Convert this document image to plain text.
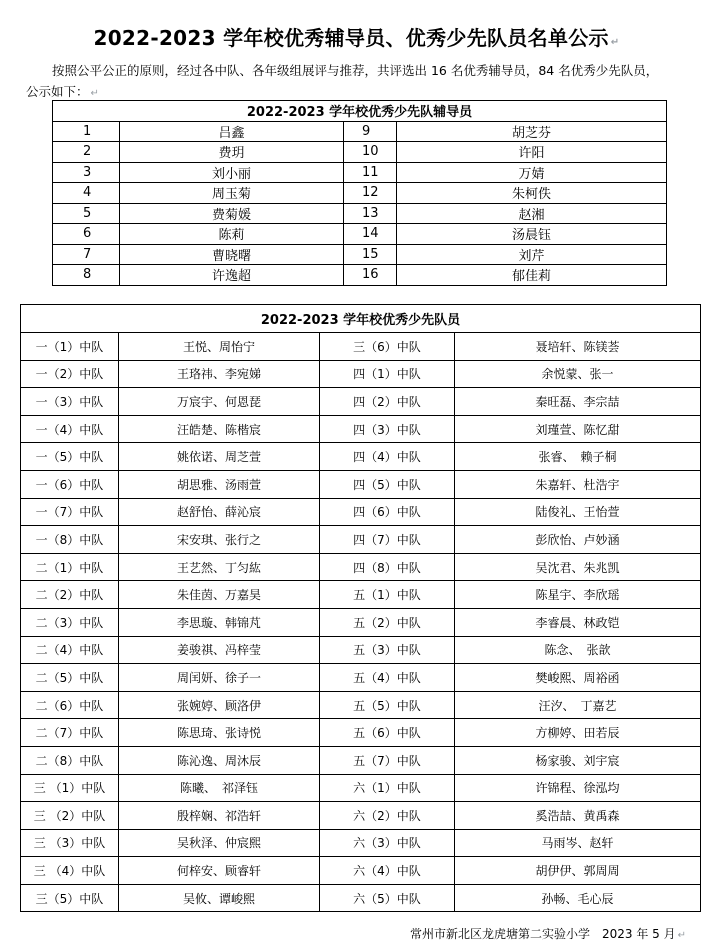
2022-2023 学年校优秀辅导员、优秀少先队员名单公示 ↵
按照公平公正的原则，经过各中队、各年级组展评与推荐，共评选出 16 名优秀辅导员，84 名优秀少先队员，
公示如下： ↵
2022-2023 学年校优秀少先队辅导员			
1	吕鑫	9	胡芝芬
2	费玥	10	许阳
3	刘小丽	11	万婧
4	周玉菊	12	朱柯佚
5	费菊媛	13	赵湘
6	陈莉	14	汤晨钰
7	曹晓曙	15	刘芹
8	许逸超	16	郁佳莉
2022-2023 学年校优秀少先队员			
一（1）中队	王悦、周怡宁	三（6）中队	聂培轩、陈镁荟
一（2）中队	王珞祎、李宛娣	四（1）中队	余悦蒙、张一
一（3）中队	万宸宇、何恩琵	四（2）中队	秦旺磊、李宗喆
一（4）中队	汪皓楚、陈楷宸	四（3）中队	刘瑾萱、陈忆甜
一（5）中队	姚依诺、周芝萱	四（4）中队	张睿、　赖子桐
一（6）中队	胡思雅、汤雨萱	四（5）中队	朱嘉轩、杜浩宇
一（7）中队	赵舒怡、薛沁宸	四（6）中队	陆俊礼、王怡萱
一（8）中队	宋安琪、张行之	四（7）中队	彭欣怡、卢妙涵
二（1）中队	王艺然、丁匀紘	四（8）中队	吴沈君、朱兆凯
二（2）中队	朱佳茵、万嘉昊	五（1）中队	陈星宇、李欣瑶
二（3）中队	李思璇、韩锦芃	五（2）中队	李睿晨、林政铠
二（4）中队	姜骏祺、冯梓莹	五（3）中队	陈念、　张歆
二（5）中队	周闰妍、徐子一	五（4）中队	樊峻熙、周裕函
二（6）中队	张婉婷、顾洛伊	五（5）中队	汪汐、　丁嘉艺
二（7）中队	陈思琦、张诗悦	五（6）中队	方柳婷、田若辰
二（8）中队	陈沁逸、周沐辰	五（7）中队	杨家骏、刘宇宸
三 （1）中队	陈曦、　祁泽钰	六（1）中队	许锦程、徐泓均
三 （2）中队	殷梓娴、祁浩轩	六（2）中队	奚浩喆、黄禹森
三 （3）中队	吴秋泽、仲宸熙	六（3）中队	马雨岑、赵轩
三 （4）中队	何梓安、顾睿轩	六（4）中队	胡伊伊、郭周周
三（5）中队	吴攸、谭峻熙	六（5）中队	孙畅、毛心辰
常州市新北区龙虎塘第二实验小学　2023 年 5 月 ↵
